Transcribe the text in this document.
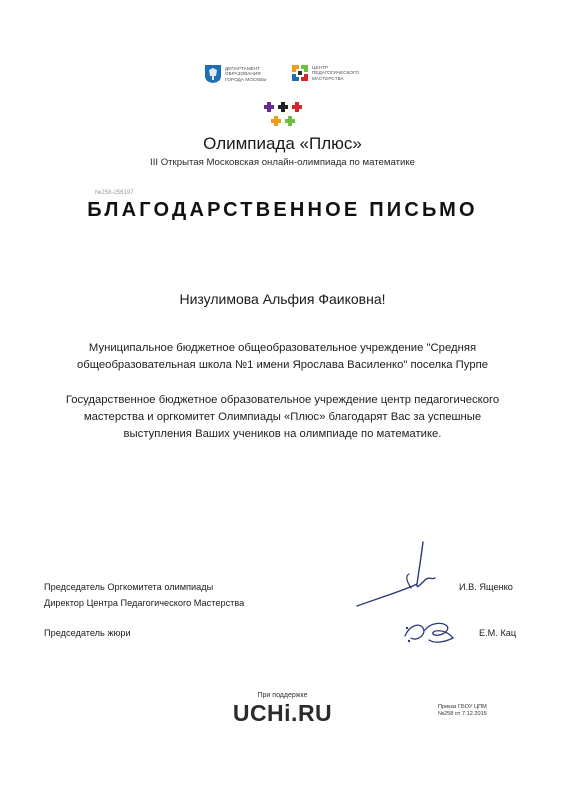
ДЕПАРТАМЕНТ
ОБРАЗОВАНИЯ
ГОРОДА МОСКВЫ
ЦЕНТР
ПЕДАГОГИЧЕСКОГО
МАСТЕРСТВА
Олимпиада «Плюс»
III Открытая Московская онлайн-олимпиада по математике
№258-256197
БЛАГОДАРСТВЕННОЕ ПИСЬМО
Низулимова Альфия Фаиковна!
Муниципальное бюджетное общеобразовательное учреждение "Средняя общеобразовательная школа №1 имени Ярослава Василенко" поселка Пурпе
Государственное бюджетное образовательное учреждение центр педагогического мастерства и оргкомитет Олимпиады «Плюс» благодарят Вас за успешные выступления Ваших учеников на олимпиаде по математике.
Председатель Оргкомитета олимпиады
Директор Центра Педагогического Мастерства
И.В. Ященко
Председатель жюри	Е.М. Кац
При поддержке
UCHi.RU	Приказ ГБОУ ЦПМ
№258 от 7.12.2015
